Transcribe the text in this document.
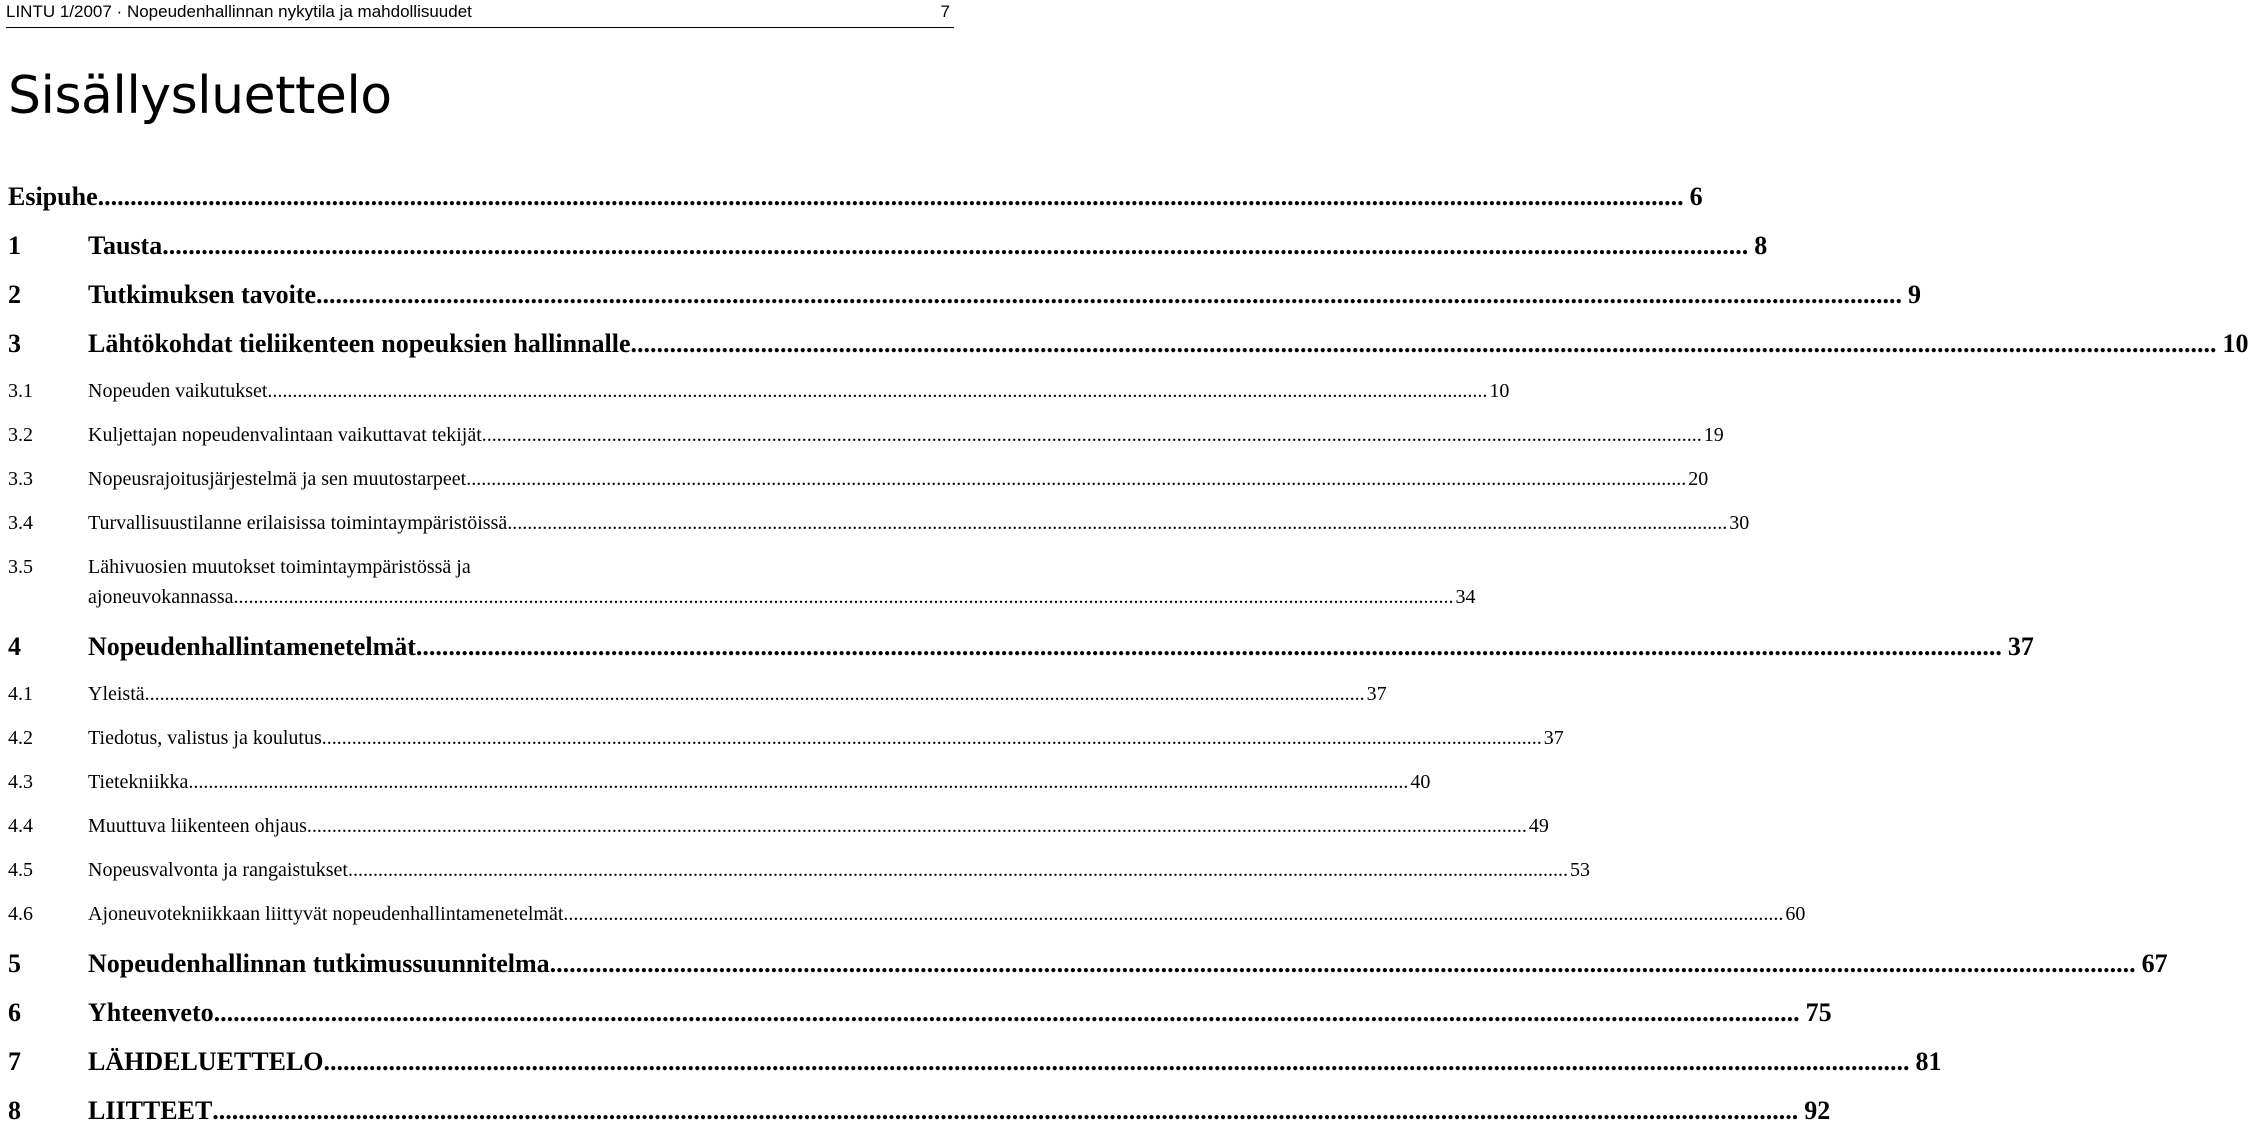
LINTU 1/2007 · Nopeudenhallinnan nykytila ja mahdollisuudet	7
Sisällysluettelo
Esipuhe .....	6
1	Tausta .....	8
2	Tutkimuksen tavoite .....	9
3	Lähtökohdat tieliikenteen nopeuksien hallinnalle .....	10
3.1	Nopeuden vaikutukset .....	10
3.2	Kuljettajan nopeudenvalintaan vaikuttavat tekijät .....	19
3.3	Nopeusrajoitusjärjestelmä ja sen muutostarpeet .....	20
3.4	Turvallisuustilanne erilaisissa toimintaympäristöissä .....	30
3.5	Lähivuosien muutokset toimintaympäristössä ja
ajoneuvokannassa .....	34
4	Nopeudenhallintamenetelmät .....	37
4.1	Yleistä .....	37
4.2	Tiedotus, valistus ja koulutus .....	37
4.3	Tietekniikka .....	40
4.4	Muuttuva liikenteen ohjaus .....	49
4.5	Nopeusvalvonta ja rangaistukset .....	53
4.6	Ajoneuvotekniikkaan liittyvät nopeudenhallintamenetelmät .....	60
5	Nopeudenhallinnan tutkimussuunnitelma .....	67
6	Yhteenveto .....	75
7	LÄHDELUETTELO .....	81
8	LIITTEET .....	92
